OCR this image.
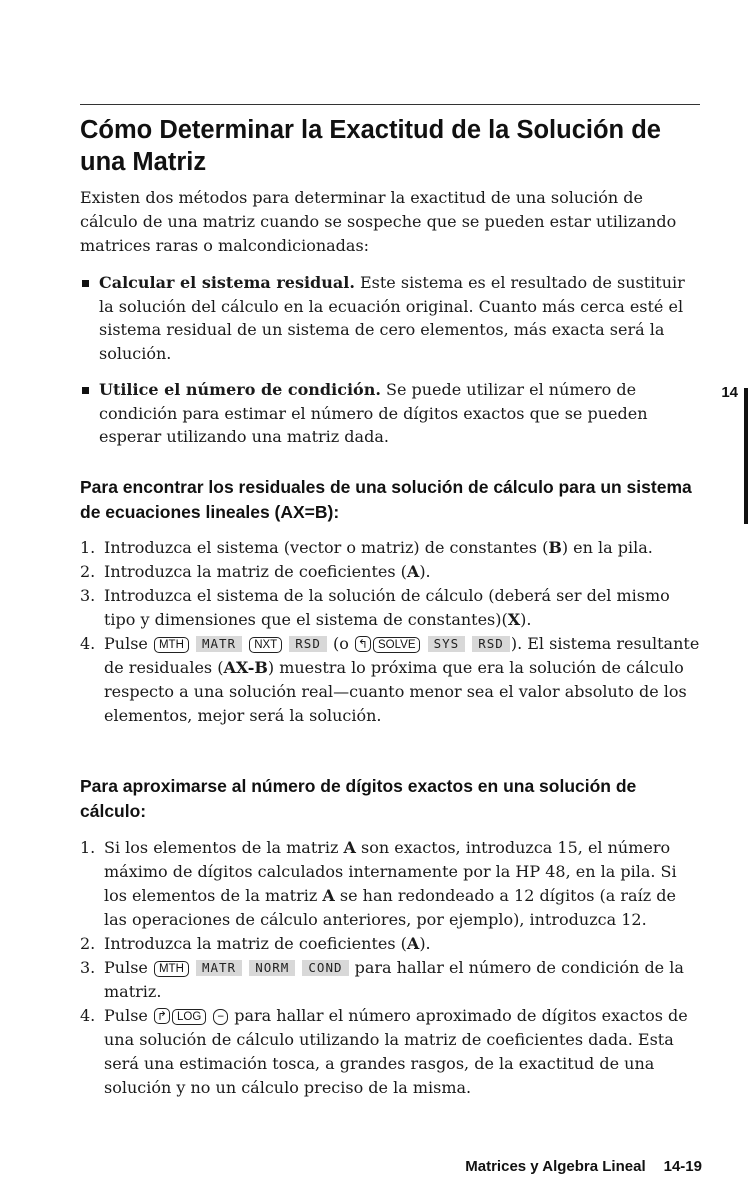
Cómo Determinar la Exactitud de la Solución de una Matriz

Existen dos métodos para determinar la exactitud de una solución de cálculo de una matriz cuando se sospeche que se pueden estar utilizando matrices raras o malcondicionadas:

Calcular el sistema residual. Este sistema es el resultado de sustituir la solución del cálculo en la ecuación original. Cuanto más cerca esté el sistema residual de un sistema de cero elementos, más exacta será la solución.
Utilice el número de condición. Se puede utilizar el número de condición para estimar el número de dígitos exactos que se pueden esperar utilizando una matriz dada.
Para encontrar los residuales de una solución de cálculo para un sistema de ecuaciones lineales (AX=B):
1. Introduzca el sistema (vector o matriz) de constantes (B) en la pila.
2. Introduzca la matriz de coeficientes (A).
3. Introduzca el sistema de la solución de cálculo (deberá ser del mismo tipo y dimensiones que el sistema de constantes)(X).
4. Pulse MTH MATR NXT RSD (o ↰ SOLVE SYS RSD ). El sistema resultante de residuales (AX-B) muestra lo próxima que era la solución de cálculo respecto a una solución real—cuanto menor sea el valor absoluto de los elementos, mejor será la solución.
Para aproximarse al número de dígitos exactos en una solución de cálculo:
1. Si los elementos de la matriz A son exactos, introduzca 15, el número máximo de dígitos calculados internamente por la HP 48, en la pila. Si los elementos de la matriz A se han redondeado a 12 dígitos (a raíz de las operaciones de cálculo anteriores, por ejemplo), introduzca 12.
2. Introduzca la matriz de coeficientes (A).
3. Pulse MTH MATR NORM COND para hallar el número de condición de la matriz.
4. Pulse ↱ LOG − para hallar el número aproximado de dígitos exactos de una solución de cálculo utilizando la matriz de coeficientes dada. Esta será una estimación tosca, a grandes rasgos, de la exactitud de una solución y no un cálculo preciso de la misma.
14
Matrices y Algebra Lineal 14-19
